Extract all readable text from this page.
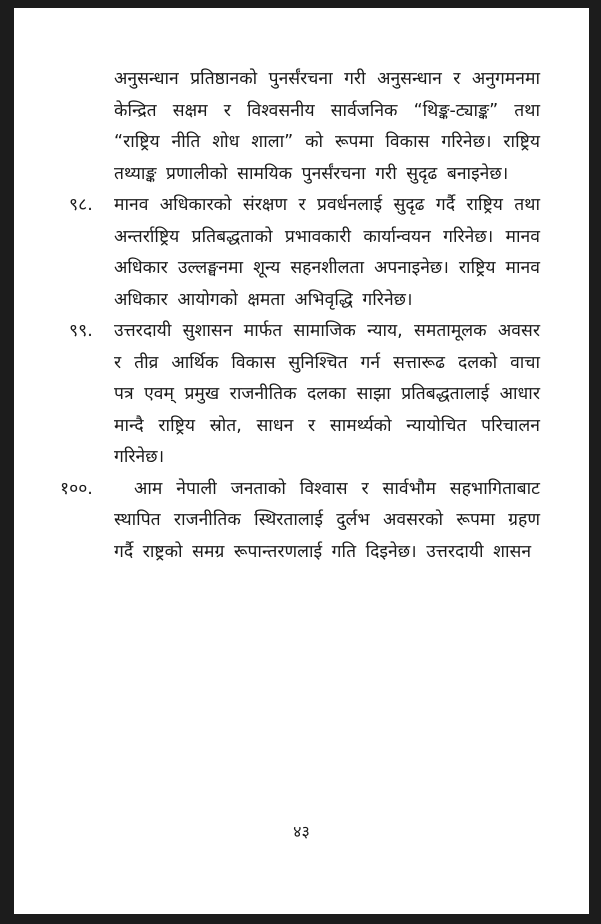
अनुसन्धान प्रतिष्ठानको पुनर्संरचना गरी अनुसन्धान र अनुगमनमा केन्द्रित सक्षम र विश्वसनीय सार्वजनिक “थिङ्क-ट्याङ्क” तथा “राष्ट्रिय नीति शोध शाला” को रूपमा विकास गरिनेछ। राष्ट्रिय तथ्याङ्क प्रणालीको सामयिक पुनर्संरचना गरी सुदृढ बनाइनेछ।

९८.	मानव अधिकारको संरक्षण र प्रवर्धनलाई सुदृढ गर्दै राष्ट्रिय तथा अन्तर्राष्ट्रिय प्रतिबद्धताको प्रभावकारी कार्यान्वयन गरिनेछ। मानव अधिकार उल्लङ्घनमा शून्य सहनशीलता अपनाइनेछ। राष्ट्रिय मानव अधिकार आयोगको क्षमता अभिवृद्धि गरिनेछ।
९९.	उत्तरदायी सुशासन मार्फत सामाजिक न्याय, समतामूलक अवसर र तीव्र आर्थिक विकास सुनिश्चित गर्न सत्तारूढ दलको वाचा पत्र एवम् प्रमुख राजनीतिक दलका साझा प्रतिबद्धतालाई आधार मान्दै राष्ट्रिय स्रोत, साधन र सामर्थ्यको न्यायोचित परिचालन गरिनेछ।
१००.	आम नेपाली जनताको विश्वास र सार्वभौम सहभागिताबाट स्थापित राजनीतिक स्थिरतालाई दुर्लभ अवसरको रूपमा ग्रहण गर्दै राष्ट्रको समग्र रूपान्तरणलाई गति दिइनेछ। उत्तरदायी शासन
४३
